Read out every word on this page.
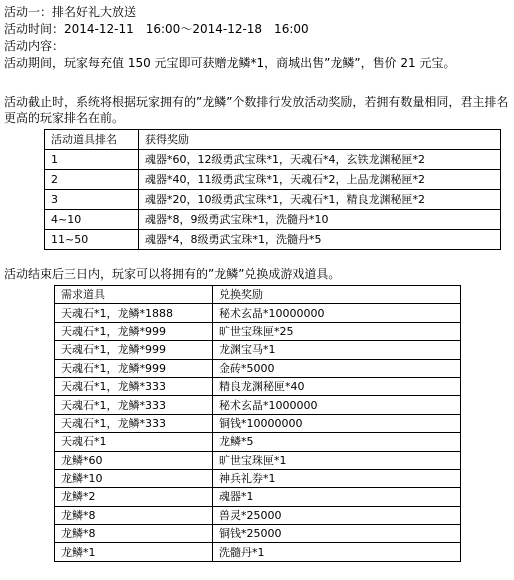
活动一：排名好礼大放送
活动时间：2014-12-11　16:00～2014-12-18　16:00
活动内容：
活动期间，玩家每充值 150 元宝即可获赠龙鳞*1，商城出售”龙鳞”，售价 21 元宝。
活动截止时，系统将根据玩家拥有的”龙鳞”个数排行发放活动奖励，若拥有数量相同，君主排名更高的玩家排名在前。
活动道具排名	获得奖励
1	魂器*60，12级勇武宝珠*1，天魂石*4，玄铁龙渊秘匣*2
2	魂器*40，11级勇武宝珠*1，天魂石*2，上品龙渊秘匣*2
3	魂器*20，10级勇武宝珠*1，天魂石*1，精良龙渊秘匣*2
4~10	魂器*8，9级勇武宝珠*1，洗髓丹*10
11~50	魂器*4，8级勇武宝珠*1，洗髓丹*5
活动结束后三日内，玩家可以将拥有的”龙鳞”兑换成游戏道具。
需求道具	兑换奖励
天魂石*1，龙鳞*1888	秘术玄晶*10000000
天魂石*1，龙鳞*999	旷世宝珠匣*25
天魂石*1，龙鳞*999	龙渊宝马*1
天魂石*1，龙鳞*999	金砖*5000
天魂石*1，龙鳞*333	精良龙渊秘匣*40
天魂石*1，龙鳞*333	秘术玄晶*1000000
天魂石*1，龙鳞*333	铜钱*10000000
天魂石*1	龙鳞*5
龙鳞*60	旷世宝珠匣*1
龙鳞*10	神兵礼券*1
龙鳞*2	魂器*1
龙鳞*8	兽灵*25000
龙鳞*8	铜钱*25000
龙鳞*1	洗髓丹*1
